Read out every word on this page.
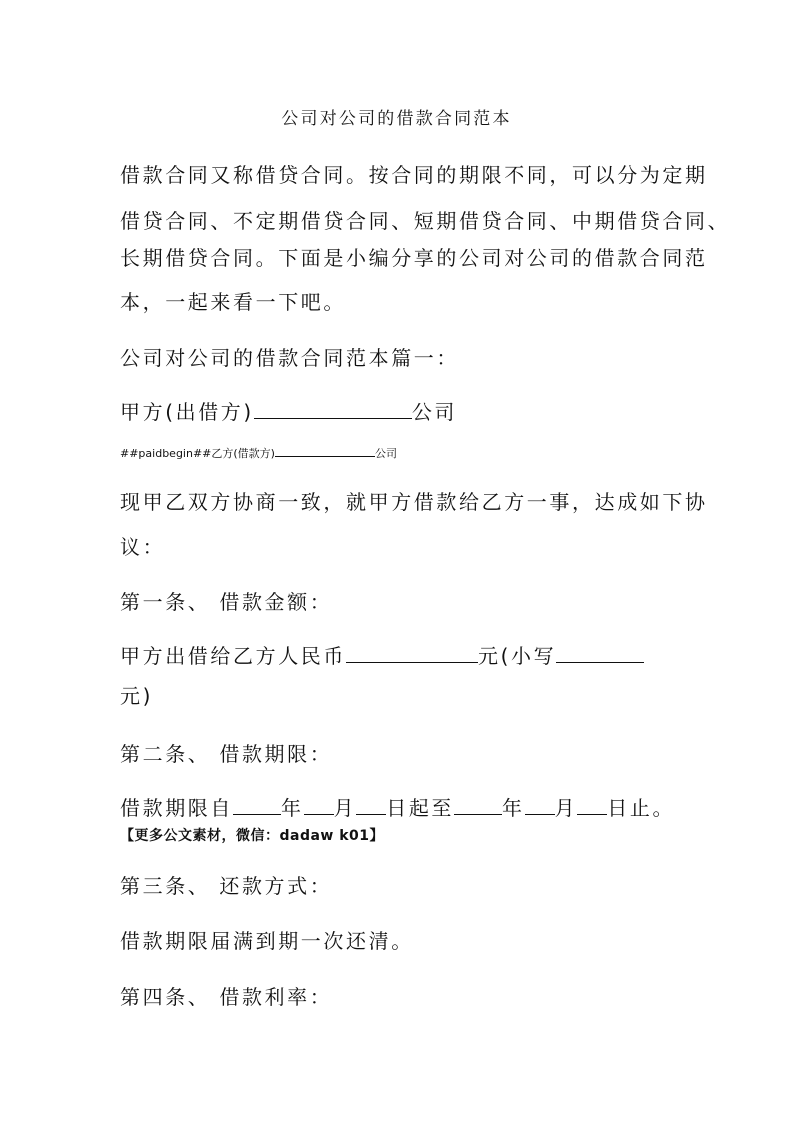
公司对公司的借款合同范本
借款合同又称借贷合同。按合同的期限不同，可以分为定期
借贷合同、不定期借贷合同、短期借贷合同、中期借贷合同、
长期借贷合同。下面是小编分享的公司对公司的借款合同范
本，一起来看一下吧。
公司对公司的借款合同范本篇一：
甲方(出借方)	公司
##paidbegin##乙方(借款方)	公司
现甲乙双方协商一致，就甲方借款给乙方一事，达成如下协
议：
第一条、 借款金额：
甲方出借给乙方人民币	元(小写
元)
第二条、 借款期限：
借款期限自 年 月 日起至 年 月 日止。
【更多公文素材，微信：dadaw k01】
第三条、 还款方式：
借款期限届满到期一次还清。
第四条、 借款利率：
